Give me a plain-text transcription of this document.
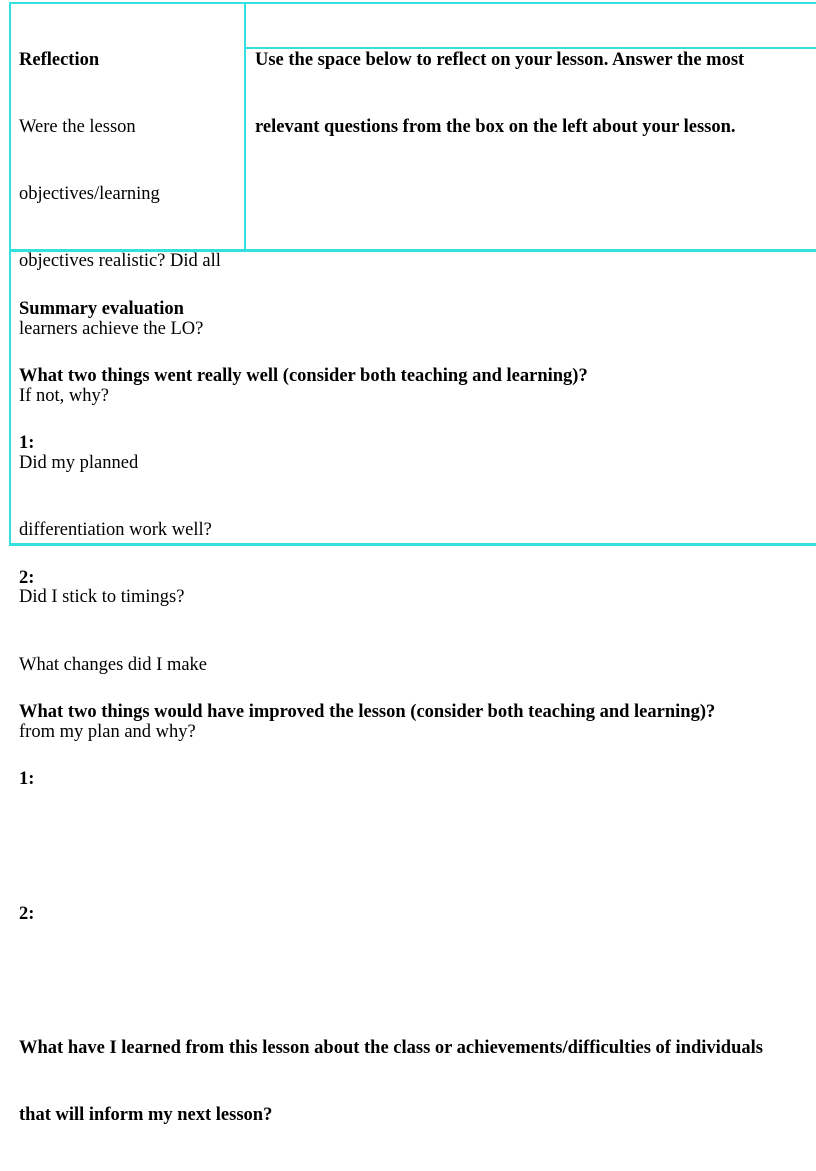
Reflection

Were the lesson

objectives/learning

objectives realistic? Did all

learners achieve the LO?

If not, why?

Did my planned

differentiation work well?

Did I stick to timings?

What changes did I make

from my plan and why?

Use the space below to reflect on your lesson. Answer the most

relevant questions from the box on the left about your lesson.

Summary evaluation

What two things went really well (consider both teaching and learning)?

1:

2:

What two things would have improved the lesson (consider both teaching and learning)?

1:

2:

What have I learned from this lesson about the class or achievements/difficulties of individuals

that will inform my next lesson?
